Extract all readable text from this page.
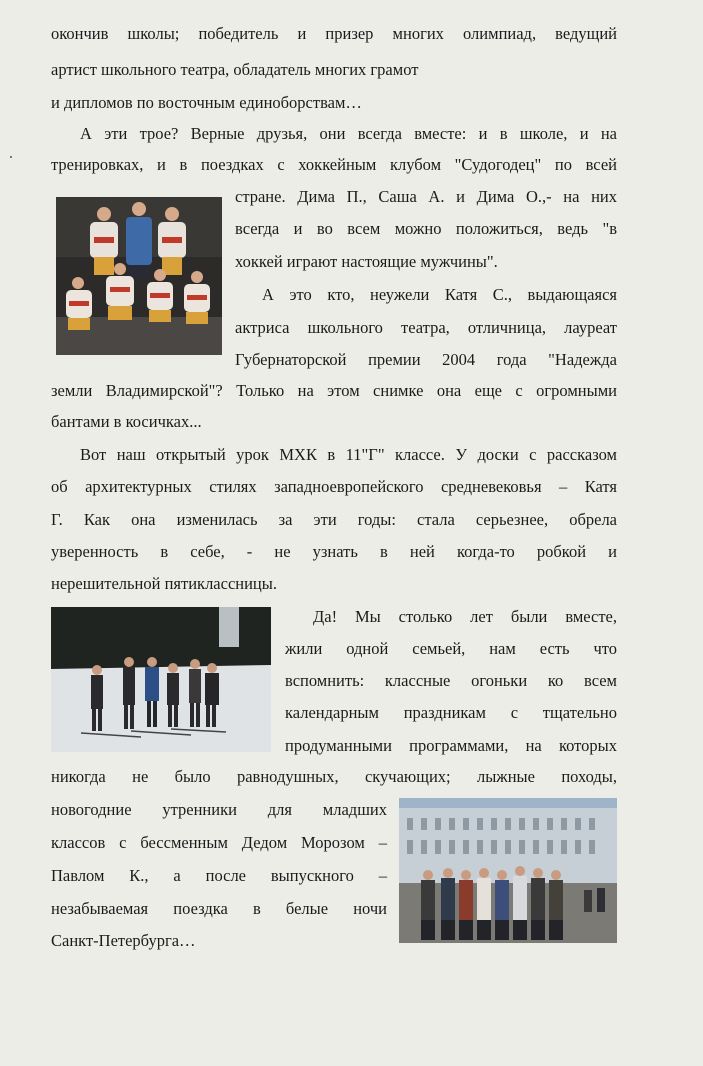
окончив школы; победитель и призер многих олимпиад, ведущий
артист школьного театра, обладатель многих грамот
и дипломов по восточным единоборствам…
А эти трое? Верные друзья, они всегда вместе: и в школе, и на
тренировках, и в поездках с хоккейным клубом "Судогодец" по всей
стране. Дима П., Саша А. и Дима О.,- на них
всегда и во всем можно положиться, ведь "в
хоккей играют настоящие мужчины".
А это кто, неужели Катя С., выдающаяся
актриса школьного театра, отличница, лауреат
Губернаторской премии 2004 года "Надежда
земли Владимирской"? Только на этом снимке она еще с огромными
бантами в косичках...
Вот наш открытый урок МХК в 11"Г" классе. У доски с рассказом
об архитектурных стилях западноевропейского средневековья – Катя
Г. Как она изменилась за эти годы: стала серьезнее, обрела
уверенность в себе, - не узнать в ней когда-то робкой и
нерешительной пятиклассницы.
Да! Мы столько лет были вместе,
жили одной семьей, нам есть что
вспомнить: классные огоньки ко всем
календарным праздникам с тщательно
продуманными программами, на которых
никогда не было равнодушных, скучающих; лыжные походы,
новогодние утренники для младших
классов с бессменным Дедом Морозом –
Павлом К., а после выпускного –
незабываемая поездка в белые ночи
Санкт-Петербурга…
